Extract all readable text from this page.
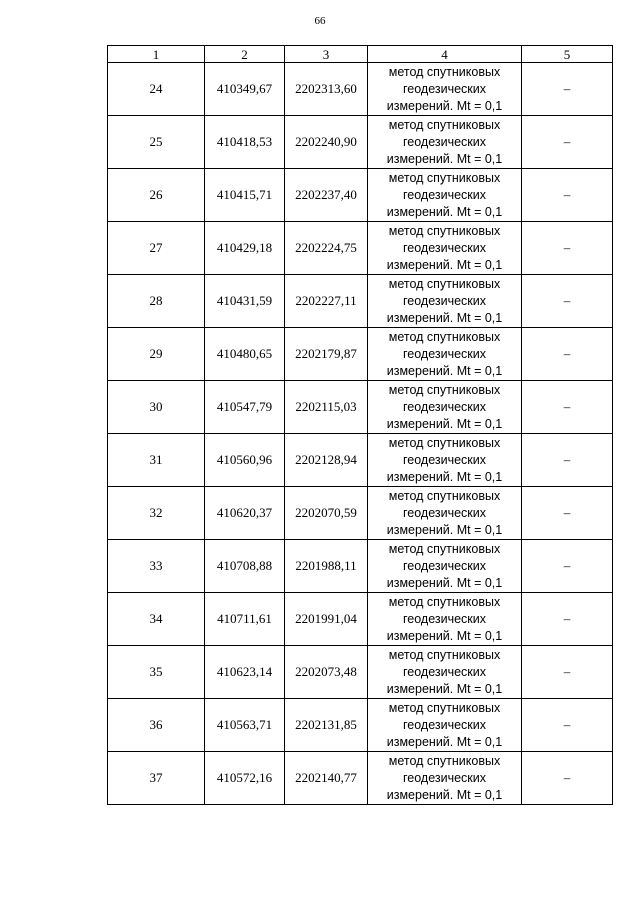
66
1	2	3	4	5
24	410349,67	2202313,60	метод спутниковых
геодезических
измерений. Mt = 0,1	–
25	410418,53	2202240,90	метод спутниковых
геодезических
измерений. Mt = 0,1	–
26	410415,71	2202237,40	метод спутниковых
геодезических
измерений. Mt = 0,1	–
27	410429,18	2202224,75	метод спутниковых
геодезических
измерений. Mt = 0,1	–
28	410431,59	2202227,11	метод спутниковых
геодезических
измерений. Mt = 0,1	–
29	410480,65	2202179,87	метод спутниковых
геодезических
измерений. Mt = 0,1	–
30	410547,79	2202115,03	метод спутниковых
геодезических
измерений. Mt = 0,1	–
31	410560,96	2202128,94	метод спутниковых
геодезических
измерений. Mt = 0,1	–
32	410620,37	2202070,59	метод спутниковых
геодезических
измерений. Mt = 0,1	–
33	410708,88	2201988,11	метод спутниковых
геодезических
измерений. Mt = 0,1	–
34	410711,61	2201991,04	метод спутниковых
геодезических
измерений. Mt = 0,1	–
35	410623,14	2202073,48	метод спутниковых
геодезических
измерений. Mt = 0,1	–
36	410563,71	2202131,85	метод спутниковых
геодезических
измерений. Mt = 0,1	–
37	410572,16	2202140,77	метод спутниковых
геодезических
измерений. Mt = 0,1	–
